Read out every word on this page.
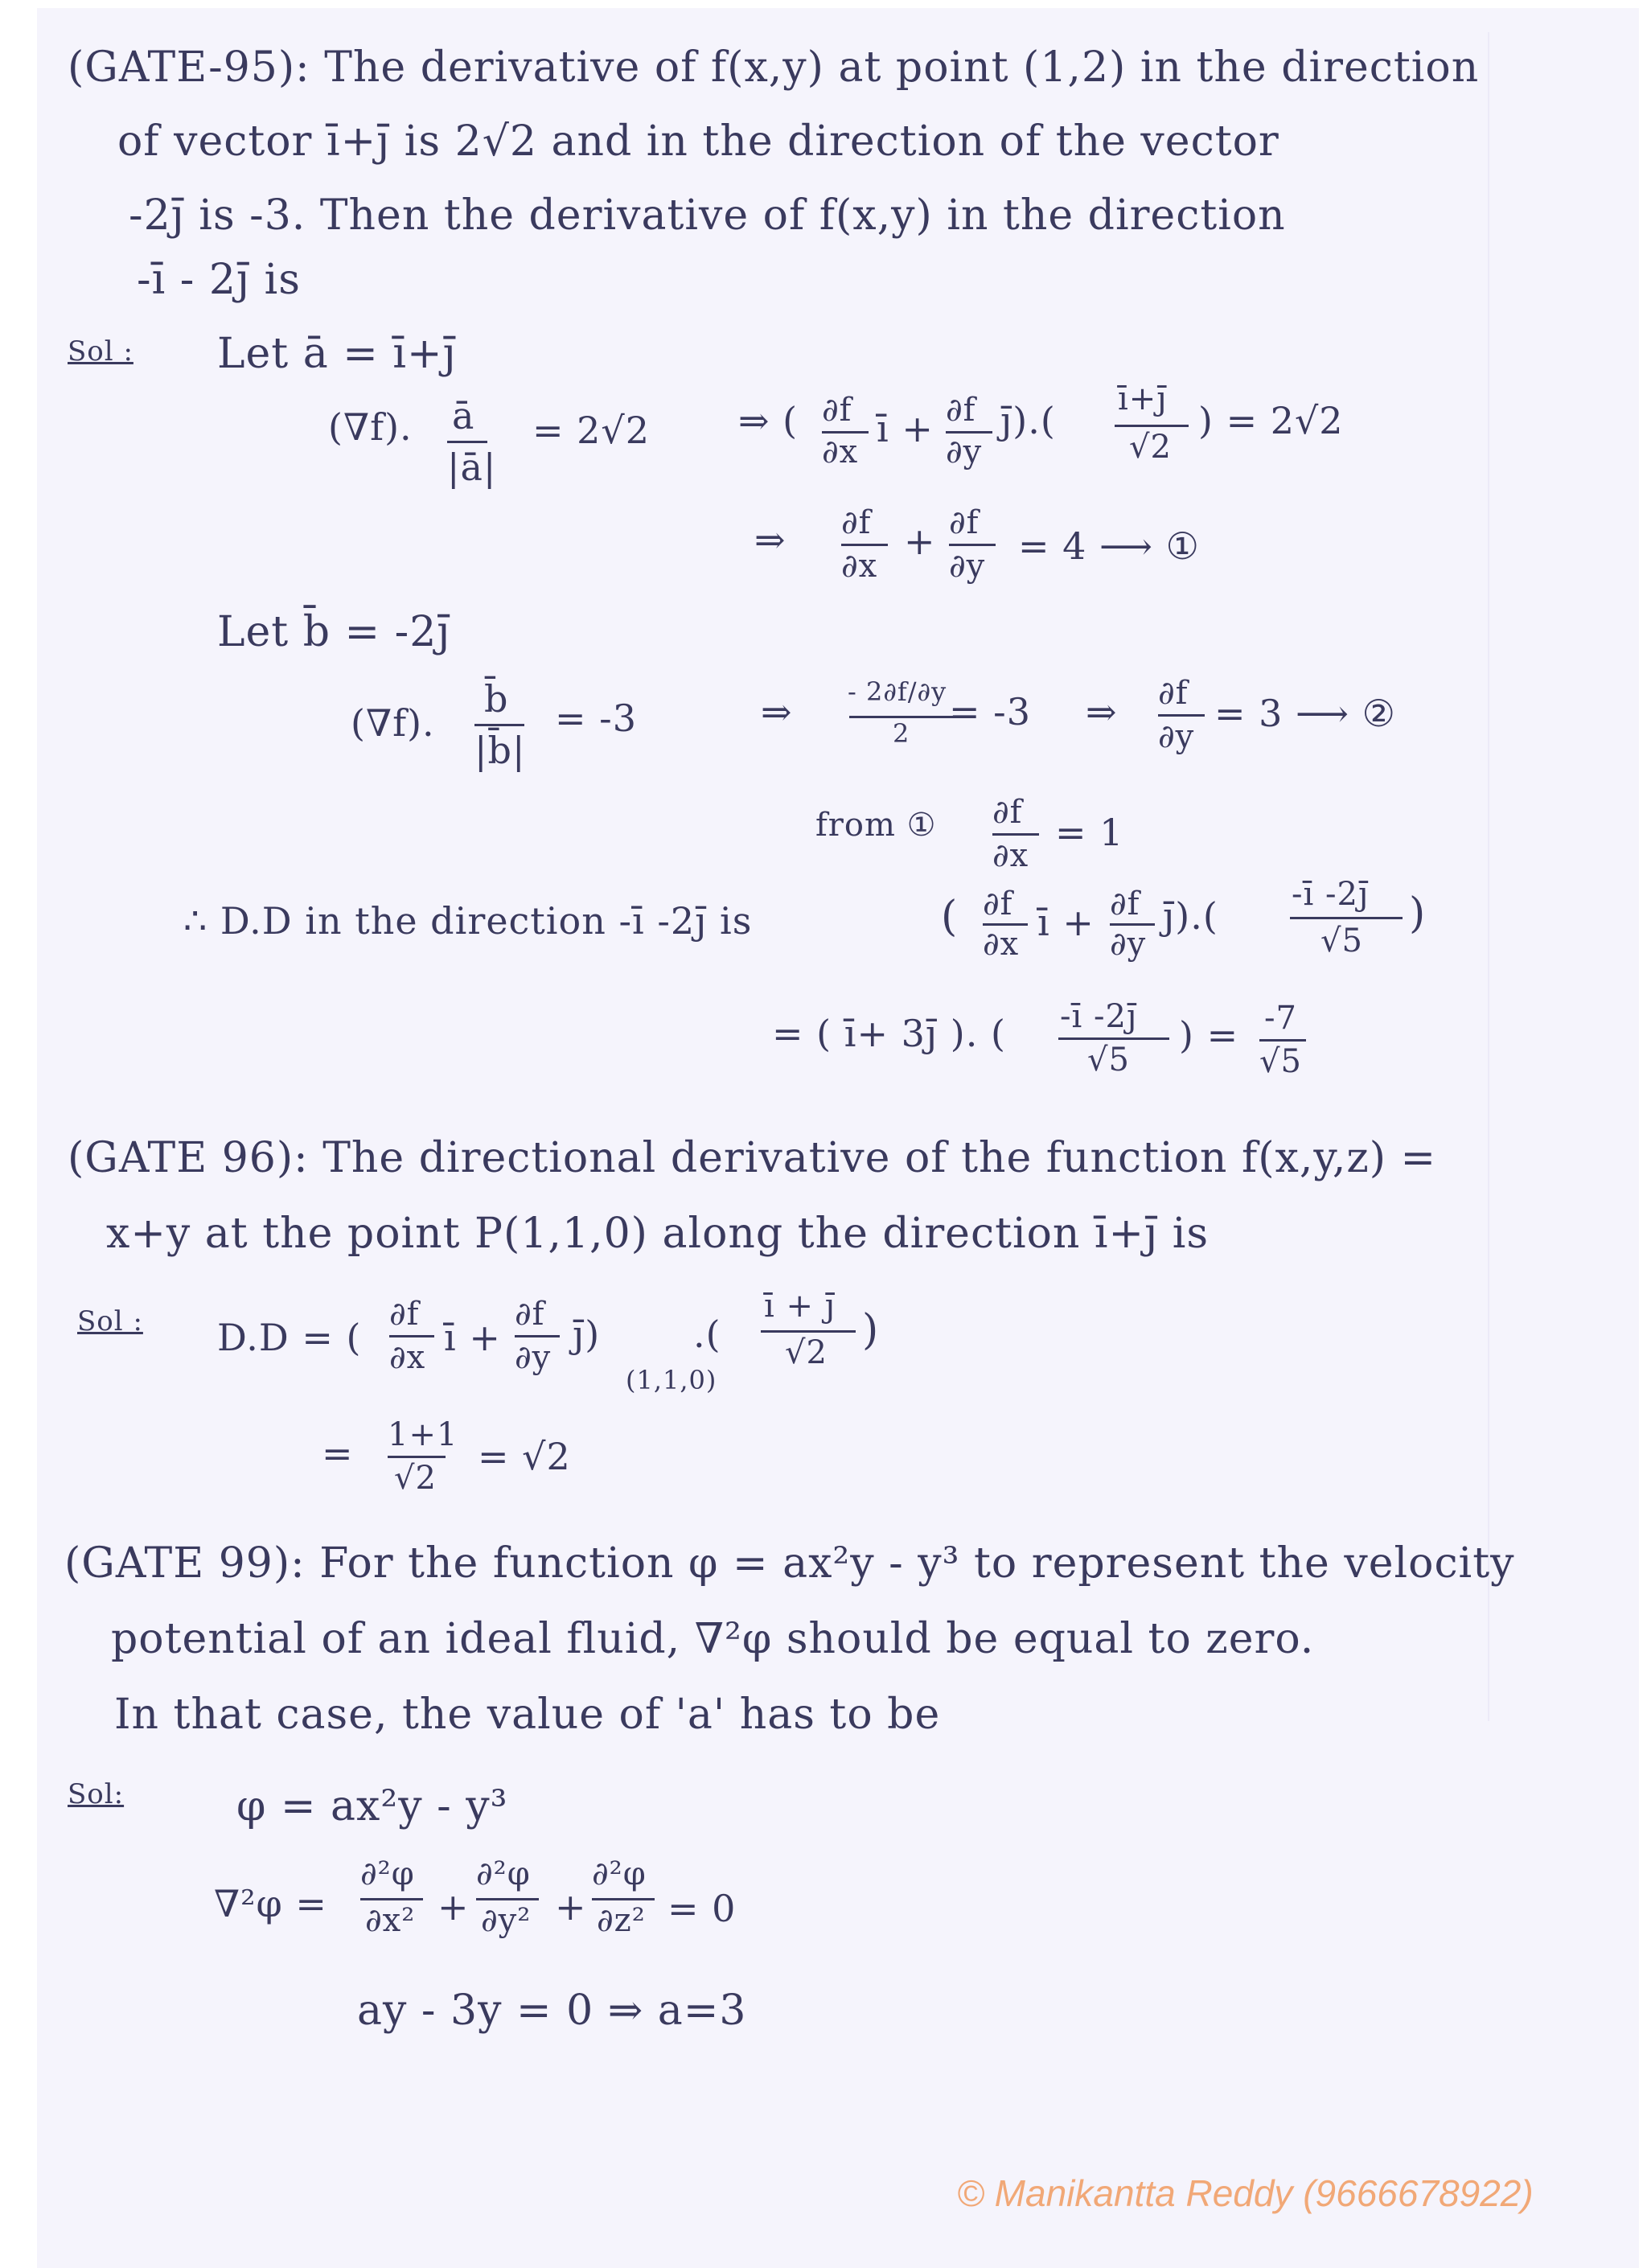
(GATE-95): The derivative of f(x,y) at point (1,2) in the direction
of vector ī+j̄ is 2√2 and in the direction of the vector
-2j̄ is -3. Then the derivative of f(x,y) in the direction
-ī - 2j̄ is
Sol : Let ā = ī+j̄
(∇f). ā
|ā|
= 2√2 ⇒ ( ∂f
∂x
ī + ∂f
∂y
j̄).( ī+j̄
√2
) = 2√2
⇒ ∂f
∂x
+ ∂f
∂y = 4 ⟶ ①
Let b̄ = -2j̄
(∇f).
b̄
|b̄|
= -3	⇒ - 2∂f/∂y
2 = -3 ⇒ ∂f
∂y
= 3 ⟶ ②
from ① ∂f
∂x
= 1
∴ D.D in the direction -ī -2j̄ is	( ∂f
∂x ī + ∂f
∂y
j̄).( -ī -2j̄
√5
)
= ( ī+ 3j̄ ). ( -ī -2j̄
√5
) = -7
√5
(GATE 96): The directional derivative of the function f(x,y,z) =
x+y at the point P(1,1,0) along the direction ī+j̄ is
Sol : D.D = (
∂f
∂x ī +
∂f
∂y
j̄)
(1,1,0)
.(
ī + j̄
√2 )
= 1+1
√2 = √2
(GATE 99): For the function φ = ax²y - y³ to represent the velocity
potential of an ideal fluid, ∇²φ should be equal to zero.
In that case, the value of 'a' has to be
Sol:	φ = ax²y - y³
∇²φ =
∂²φ
∂x² +
∂²φ
∂y² +
∂²φ
∂z² = 0
ay - 3y = 0 ⇒ a=3
© Manikantta Reddy (9666678922)
